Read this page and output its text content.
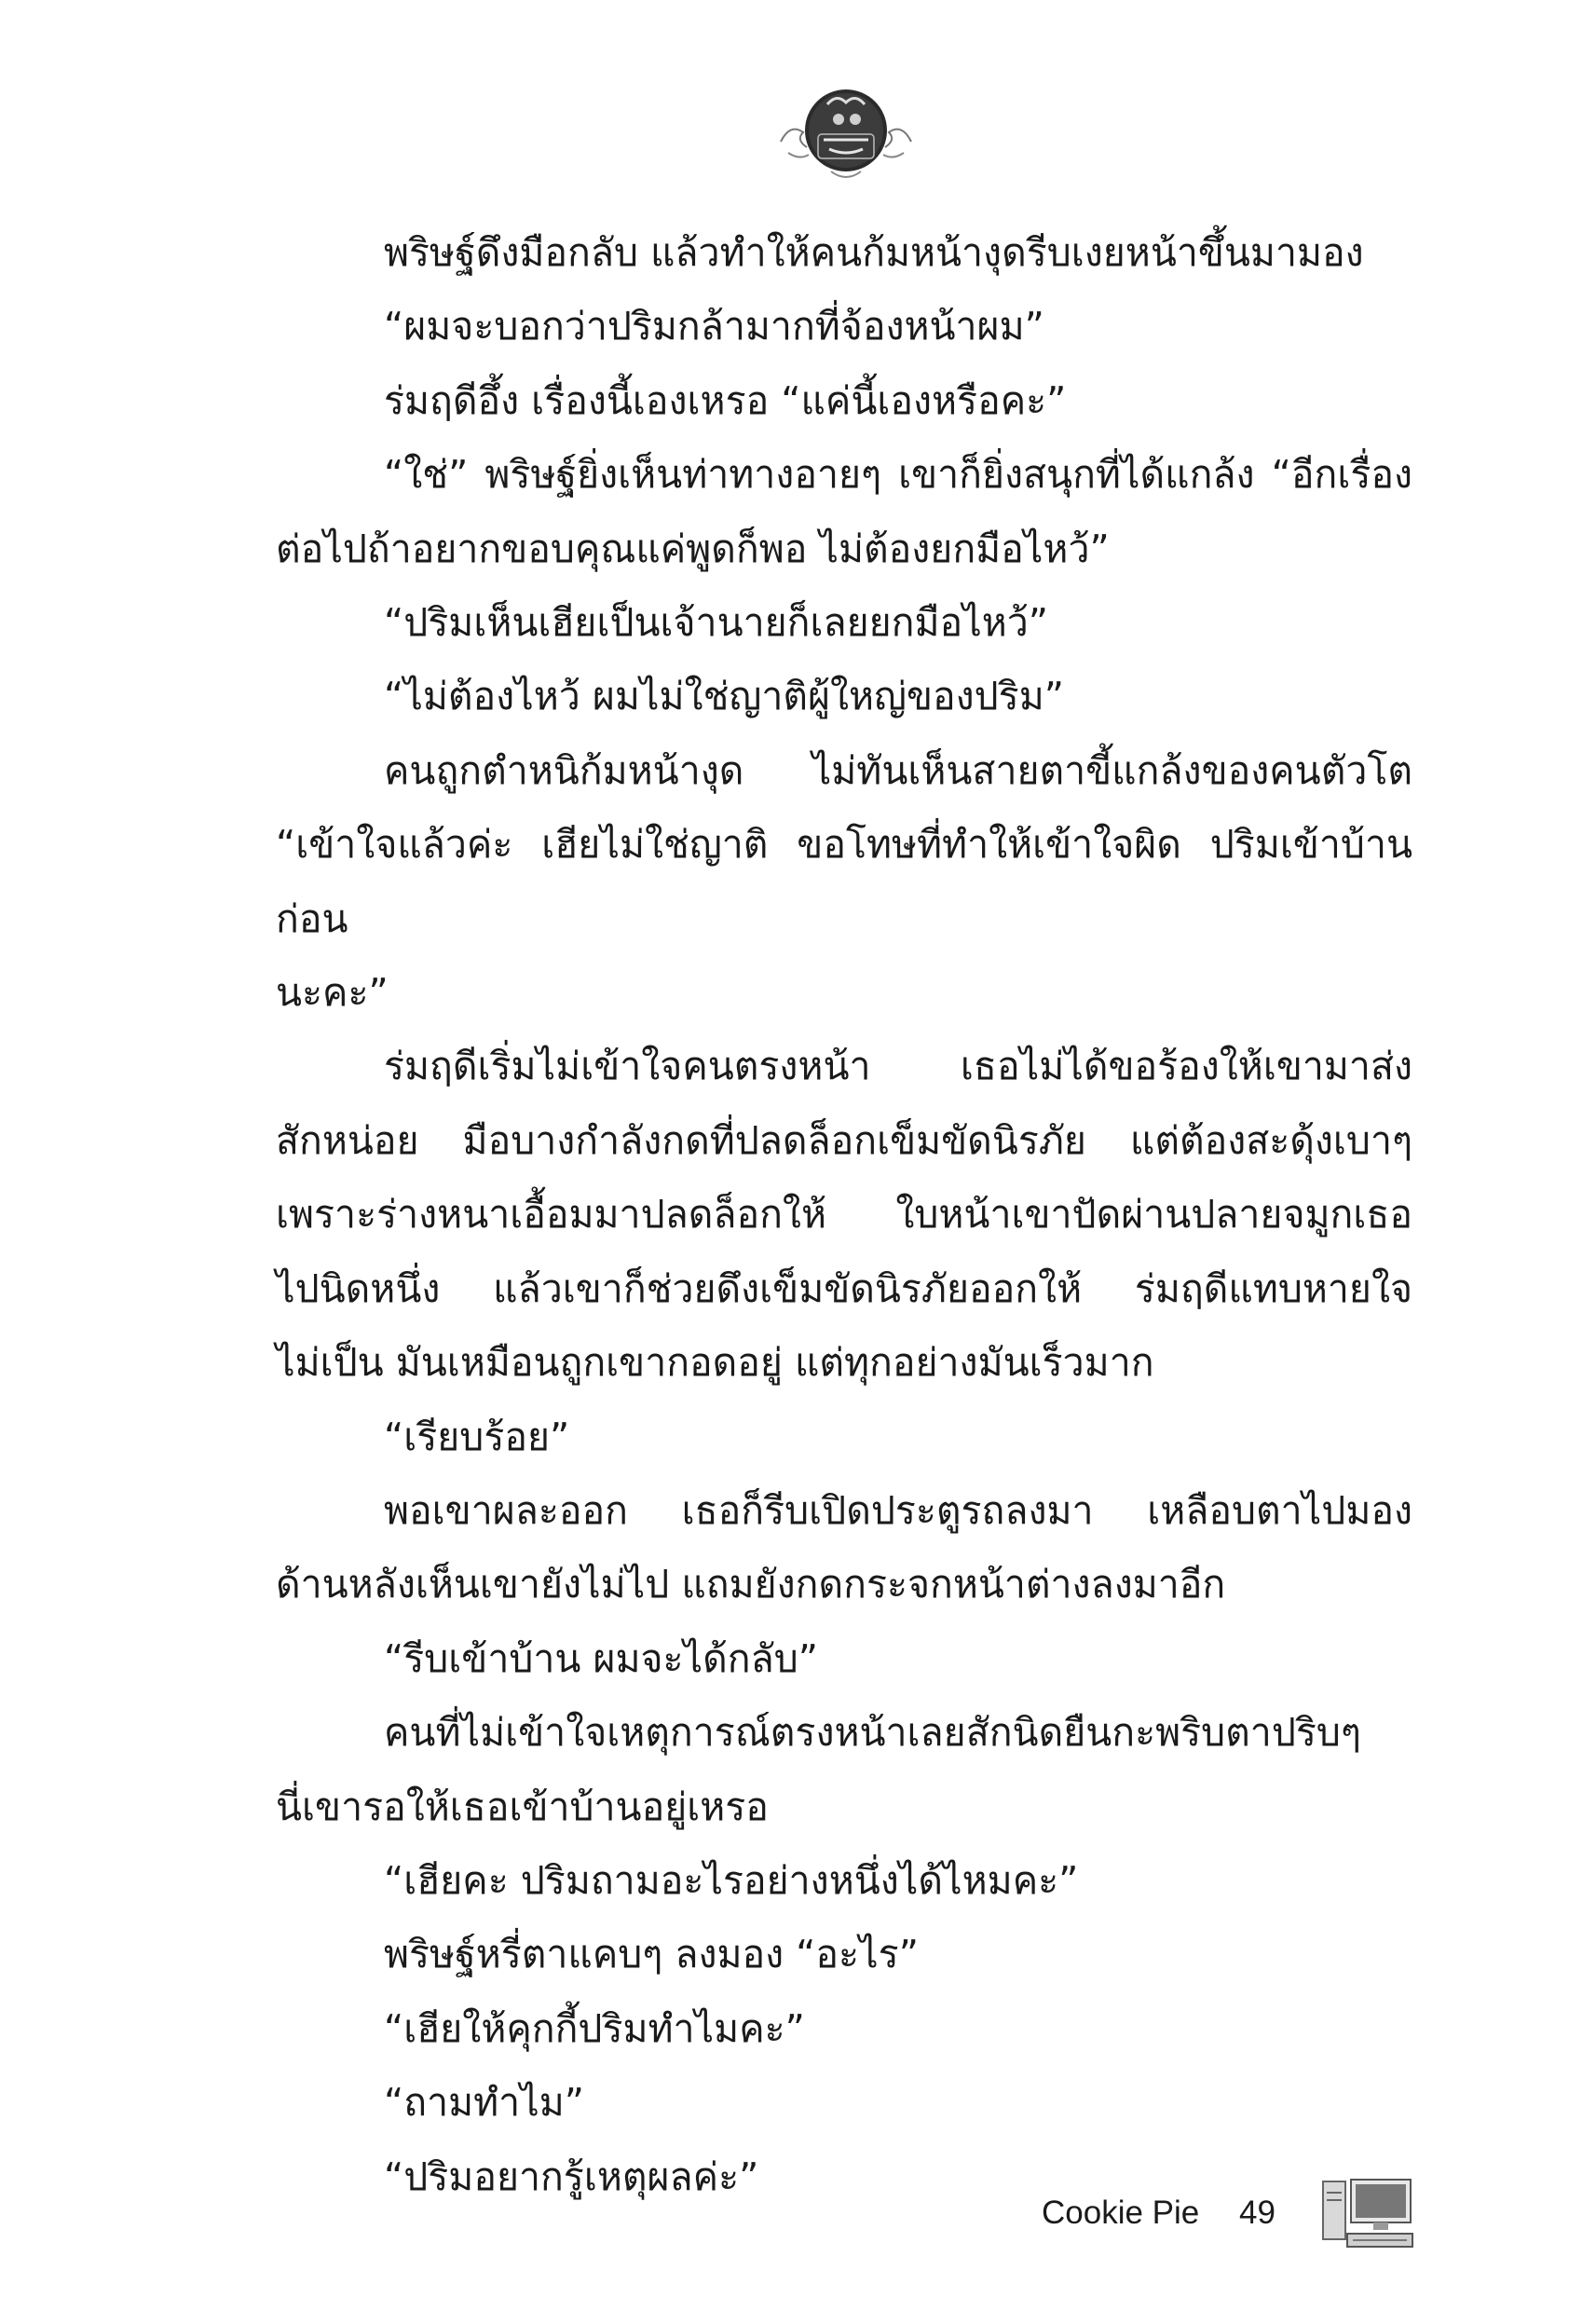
พริษฐ์ดึงมือกลับ แล้วทำให้คนก้มหน้างุดรีบเงยหน้าขึ้นมามอง

“ผมจะบอกว่าปริมกล้ามากที่จ้องหน้าผม”

ร่มฤดีอึ้ง เรื่องนี้เองเหรอ “แค่นี้เองหรือคะ”

“ใช่” พริษฐ์ยิ่งเห็นท่าทางอายๆ เขาก็ยิ่งสนุกที่ได้แกล้ง “อีกเรื่อง

ต่อไปถ้าอยากขอบคุณแค่พูดก็พอ ไม่ต้องยกมือไหว้”

“ปริมเห็นเฮียเป็นเจ้านายก็เลยยกมือไหว้”

“ไม่ต้องไหว้ ผมไม่ใช่ญาติผู้ใหญ่ของปริม”

คนถูกตำหนิก้มหน้างุด ไม่ทันเห็นสายตาขี้แกล้งของคนตัวโต

“เข้าใจแล้วค่ะ เฮียไม่ใช่ญาติ ขอโทษที่ทำให้เข้าใจผิด ปริมเข้าบ้านก่อน

นะคะ”

ร่มฤดีเริ่มไม่เข้าใจคนตรงหน้า เธอไม่ได้ขอร้องให้เขามาส่ง

สักหน่อย มือบางกำลังกดที่ปลดล็อกเข็มขัดนิรภัย แต่ต้องสะดุ้งเบาๆ

เพราะร่างหนาเอื้อมมาปลดล็อกให้ ใบหน้าเขาปัดผ่านปลายจมูกเธอ

ไปนิดหนึ่ง แล้วเขาก็ช่วยดึงเข็มขัดนิรภัยออกให้ ร่มฤดีแทบหายใจ

ไม่เป็น มันเหมือนถูกเขากอดอยู่ แต่ทุกอย่างมันเร็วมาก

“เรียบร้อย”

พอเขาผละออก เธอก็รีบเปิดประตูรถลงมา เหลือบตาไปมอง

ด้านหลังเห็นเขายังไม่ไป แถมยังกดกระจกหน้าต่างลงมาอีก

“รีบเข้าบ้าน ผมจะได้กลับ”

คนที่ไม่เข้าใจเหตุการณ์ตรงหน้าเลยสักนิดยืนกะพริบตาปริบๆ

นี่เขารอให้เธอเข้าบ้านอยู่เหรอ

“เฮียคะ ปริมถามอะไรอย่างหนึ่งได้ไหมคะ”

พริษฐ์หรี่ตาแคบๆ ลงมอง “อะไร”

“เฮียให้คุกกี้ปริมทำไมคะ”

“ถามทำไม”

“ปริมอยากรู้เหตุผลค่ะ”

Cookie Pie 49
